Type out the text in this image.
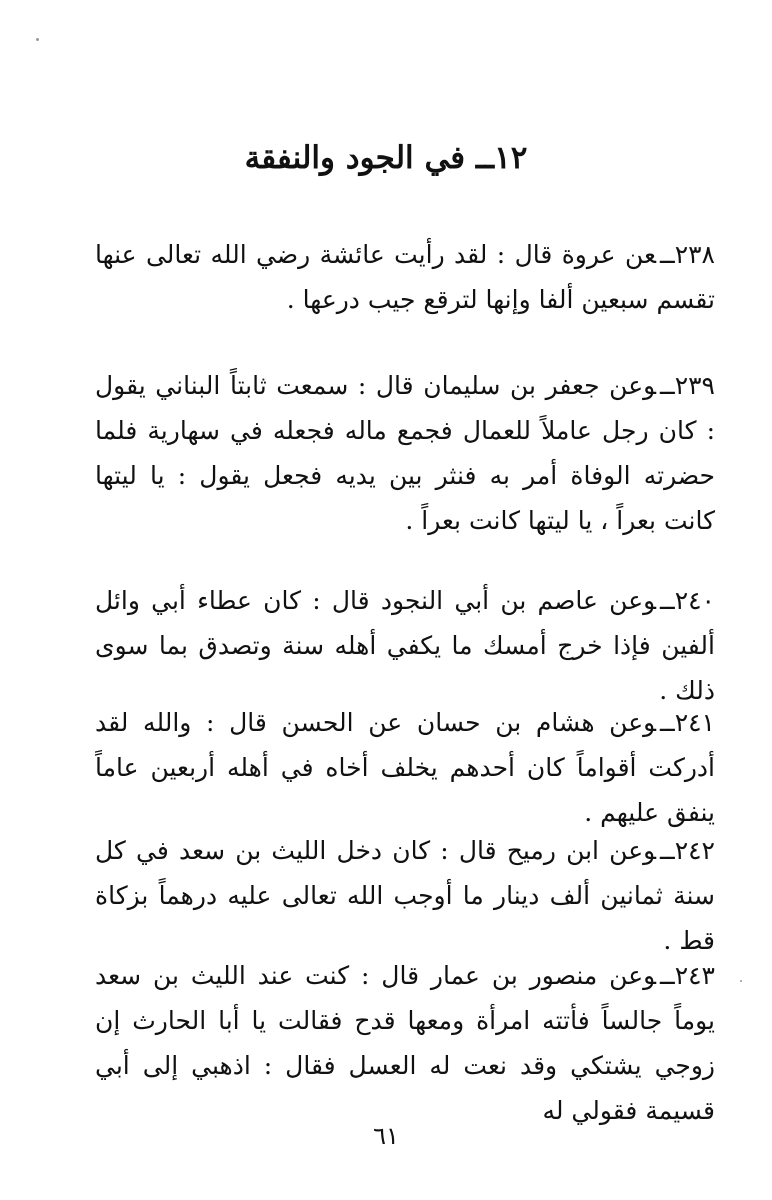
١٢ــ في الجود والنفقة
٢٣٨ــعن عروة قال : لقد رأيت عائشة رضي الله تعالى عنها تقسم سبعين ألفا وإنها لترقع جيب درعها .
٢٣٩ــوعن جعفر بن سليمان قال : سمعت ثابتاً البناني يقول : كان رجل عاملاً للعمال فجمع ماله فجعله في سهارية فلما حضرته الوفاة أمر به فنثر بين يديه فجعل يقول : يا ليتها كانت بعراً ، يا ليتها كانت بعراً .
٢٤٠ــوعن عاصم بن أبي النجود قال : كان عطاء أبي وائل ألفين فإذا خرج أمسك ما يكفي أهله سنة وتصدق بما سوى ذلك .
٢٤١ــوعن هشام بن حسان عن الحسن قال : والله لقد أدركت أقواماً كان أحدهم يخلف أخاه في أهله أربعين عاماً ينفق عليهم .
٢٤٢ــوعن ابن رميح قال : كان دخل الليث بن سعد في كل سنة ثمانين ألف دينار ما أوجب الله تعالى عليه درهماً بزكاة قط .
٢٤٣ــوعن منصور بن عمار قال : كنت عند الليث بن سعد يوماً جالساً فأتته امرأة ومعها قدح فقالت يا أبا الحارث إن زوجي يشتكي وقد نعت له العسل فقال : اذهبي إلى أبي قسيمة فقولي له
٦١
